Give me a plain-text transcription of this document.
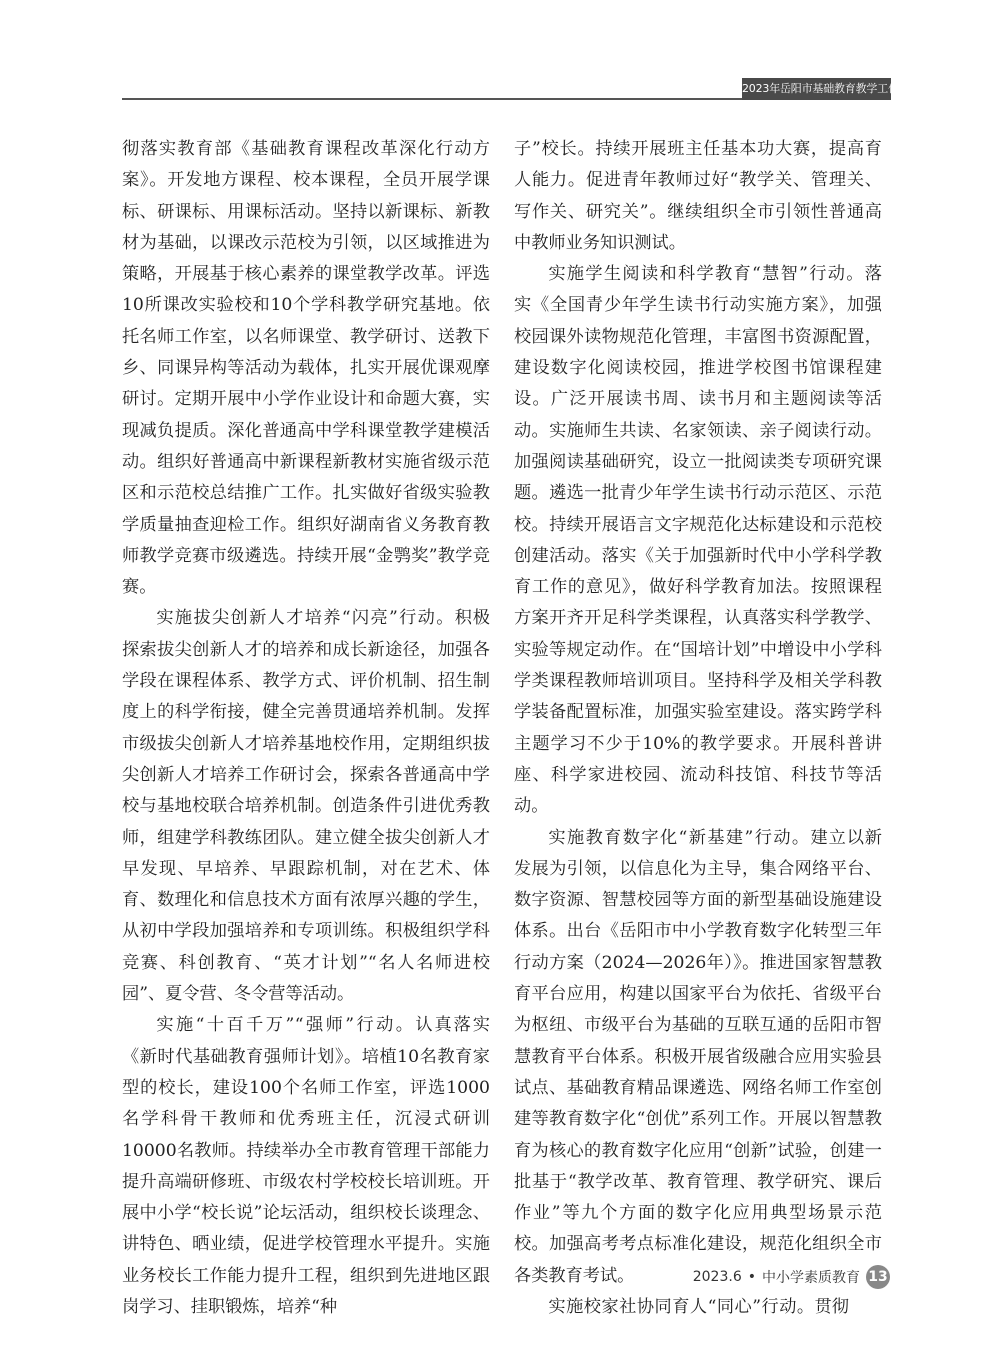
2023年岳阳市基础教育教学工作会议

彻落实教育部《基础教育课程改革深化行动方案》。开发地方课程、校本课程，全员开展学课标、研课标、用课标活动。坚持以新课标、新教材为基础，以课改示范校为引领，以区域推进为策略，开展基于核心素养的课堂教学改革。评选10所课改实验校和10个学科教学研究基地。依托名师工作室，以名师课堂、教学研讨、送教下乡、同课异构等活动为载体，扎实开展优课观摩研讨。定期开展中小学作业设计和命题大赛，实现减负提质。深化普通高中学科课堂教学建模活动。组织好普通高中新课程新教材实施省级示范区和示范校总结推广工作。扎实做好省级实验教学质量抽查迎检工作。组织好湖南省义务教育教师教学竞赛市级遴选。持续开展“金鹗奖”教学竞赛。

实施拔尖创新人才培养“闪亮”行动。积极探索拔尖创新人才的培养和成长新途径，加强各学段在课程体系、教学方式、评价机制、招生制度上的科学衔接，健全完善贯通培养机制。发挥市级拔尖创新人才培养基地校作用，定期组织拔尖创新人才培养工作研讨会，探索各普通高中学校与基地校联合培养机制。创造条件引进优秀教师，组建学科教练团队。建立健全拔尖创新人才早发现、早培养、早跟踪机制，对在艺术、体育、数理化和信息技术方面有浓厚兴趣的学生，从初中学段加强培养和专项训练。积极组织学科竞赛、科创教育、“英才计划”“名人名师进校园”、夏令营、冬令营等活动。

实施“十百千万”“强师”行动。认真落实《新时代基础教育强师计划》。培植10名教育家型的校长，建设100个名师工作室，评选1000名学科骨干教师和优秀班主任，沉浸式研训10000名教师。持续举办全市教育管理干部能力提升高端研修班、市级农村学校校长培训班。开展中小学“校长说”论坛活动，组织校长谈理念、讲特色、晒业绩，促进学校管理水平提升。实施业务校长工作能力提升工程，组织到先进地区跟岗学习、挂职锻炼，培养“种

子”校长。持续开展班主任基本功大赛，提高育人能力。促进青年教师过好“教学关、管理关、写作关、研究关”。继续组织全市引领性普通高中教师业务知识测试。

实施学生阅读和科学教育“慧智”行动。落实《全国青少年学生读书行动实施方案》，加强校园课外读物规范化管理，丰富图书资源配置，建设数字化阅读校园，推进学校图书馆课程建设。广泛开展读书周、读书月和主题阅读等活动。实施师生共读、名家领读、亲子阅读行动。加强阅读基础研究，设立一批阅读类专项研究课题。遴选一批青少年学生读书行动示范区、示范校。持续开展语言文字规范化达标建设和示范校创建活动。落实《关于加强新时代中小学科学教育工作的意见》，做好科学教育加法。按照课程方案开齐开足科学类课程，认真落实科学教学、实验等规定动作。在“国培计划”中增设中小学科学类课程教师培训项目。坚持科学及相关学科教学装备配置标准，加强实验室建设。落实跨学科主题学习不少于10%的教学要求。开展科普讲座、科学家进校园、流动科技馆、科技节等活动。

实施教育数字化“新基建”行动。建立以新发展为引领，以信息化为主导，集合网络平台、数字资源、智慧校园等方面的新型基础设施建设体系。出台《岳阳市中小学教育数字化转型三年行动方案（2024—2026年）》。推进国家智慧教育平台应用，构建以国家平台为依托、省级平台为枢纽、市级平台为基础的互联互通的岳阳市智慧教育平台体系。积极开展省级融合应用实验县试点、基础教育精品课遴选、网络名师工作室创建等教育数字化“创优”系列工作。开展以智慧教育为核心的教育数字化应用“创新”试验，创建一批基于“教学改革、教育管理、教学研究、课后作业”等九个方面的数字化应用典型场景示范校。加强高考考点标准化建设，规范化组织全市各类教育考试。

实施校家社协同育人“同心”行动。贯彻

2023.6 • 中小学素质教育 13
